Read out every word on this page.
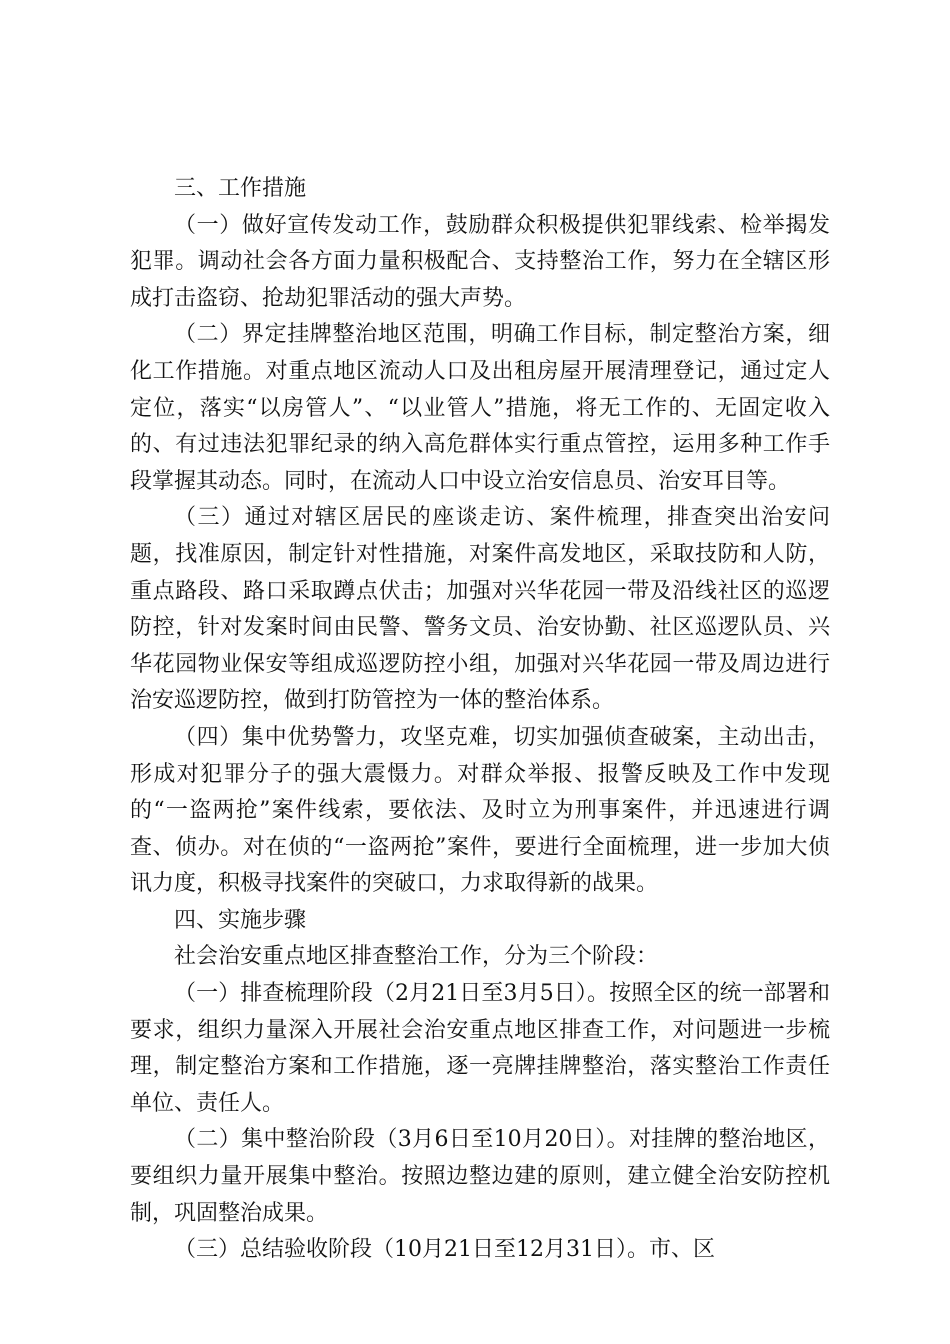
三、工作措施

（一）做好宣传发动工作，鼓励群众积极提供犯罪线索、检举揭发犯罪。调动社会各方面力量积极配合、支持整治工作，努力在全辖区形成打击盗窃、抢劫犯罪活动的强大声势。

（二）界定挂牌整治地区范围，明确工作目标，制定整治方案，细化工作措施。对重点地区流动人口及出租房屋开展清理登记，通过定人定位，落实“以房管人”、“以业管人”措施，将无工作的、无固定收入的、有过违法犯罪纪录的纳入高危群体实行重点管控，运用多种工作手段掌握其动态。同时，在流动人口中设立治安信息员、治安耳目等。

（三）通过对辖区居民的座谈走访、案件梳理，排查突出治安问题，找准原因，制定针对性措施，对案件高发地区，采取技防和人防，重点路段、路口采取蹲点伏击；加强对兴华花园一带及沿线社区的巡逻防控，针对发案时间由民警、警务文员、治安协勤、社区巡逻队员、兴华花园物业保安等组成巡逻防控小组，加强对兴华花园一带及周边进行治安巡逻防控，做到打防管控为一体的整治体系。

（四）集中优势警力，攻坚克难，切实加强侦查破案，主动出击，形成对犯罪分子的强大震慑力。对群众举报、报警反映及工作中发现的“一盗两抢”案件线索，要依法、及时立为刑事案件，并迅速进行调查、侦办。对在侦的“一盗两抢”案件，要进行全面梳理，进一步加大侦讯力度，积极寻找案件的突破口，力求取得新的战果。

四、实施步骤

社会治安重点地区排查整治工作，分为三个阶段：

（一）排查梳理阶段（2月21日至3月5日）。按照全区的统一部署和要求，组织力量深入开展社会治安重点地区排查工作，对问题进一步梳理，制定整治方案和工作措施，逐一亮牌挂牌整治，落实整治工作责任单位、责任人。

（二）集中整治阶段（3月6日至10月20日）。对挂牌的整治地区，要组织力量开展集中整治。按照边整边建的原则，建立健全治安防控机制，巩固整治成果。

（三）总结验收阶段（10月21日至12月31日）。市、区
